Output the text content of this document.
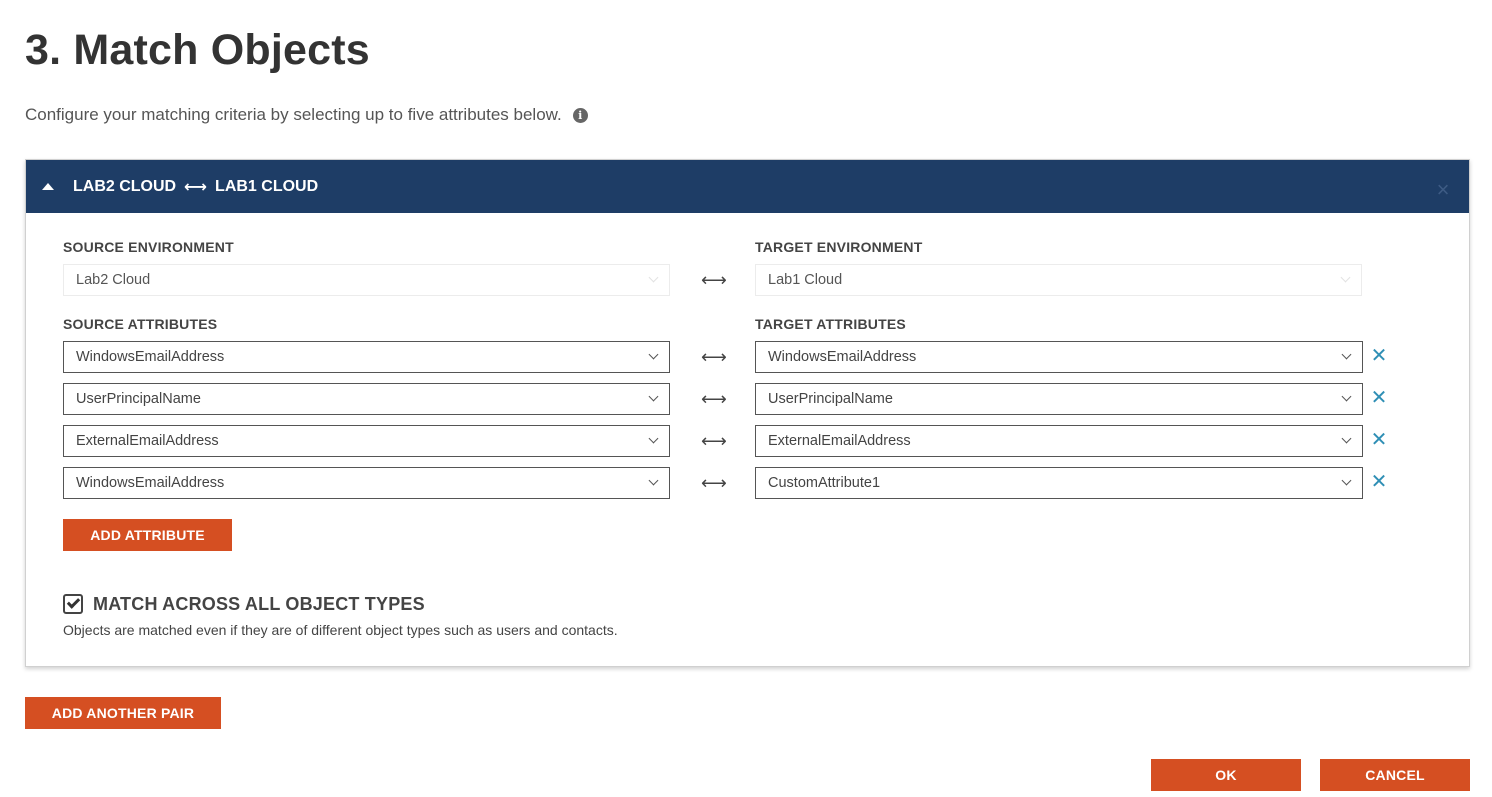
3. Match Objects
Configure your matching criteria by selecting up to five attributes below.	i
LAB2 CLOUD ⟷ LAB1 CLOUD	×
SOURCE ENVIRONMENT	TARGET ENVIRONMENT
Lab2 Cloud	⟷	Lab1 Cloud
SOURCE ATTRIBUTES	TARGET ATTRIBUTES
WindowsEmailAddress	⟷	WindowsEmailAddress	✕
UserPrincipalName	⟷	UserPrincipalName	✕
ExternalEmailAddress	⟷	ExternalEmailAddress	✕
WindowsEmailAddress	⟷	CustomAttribute1	✕
ADD ATTRIBUTE
MATCH ACROSS ALL OBJECT TYPES
Objects are matched even if they are of different object types such as users and contacts.
ADD ANOTHER PAIR
OK	CANCEL
